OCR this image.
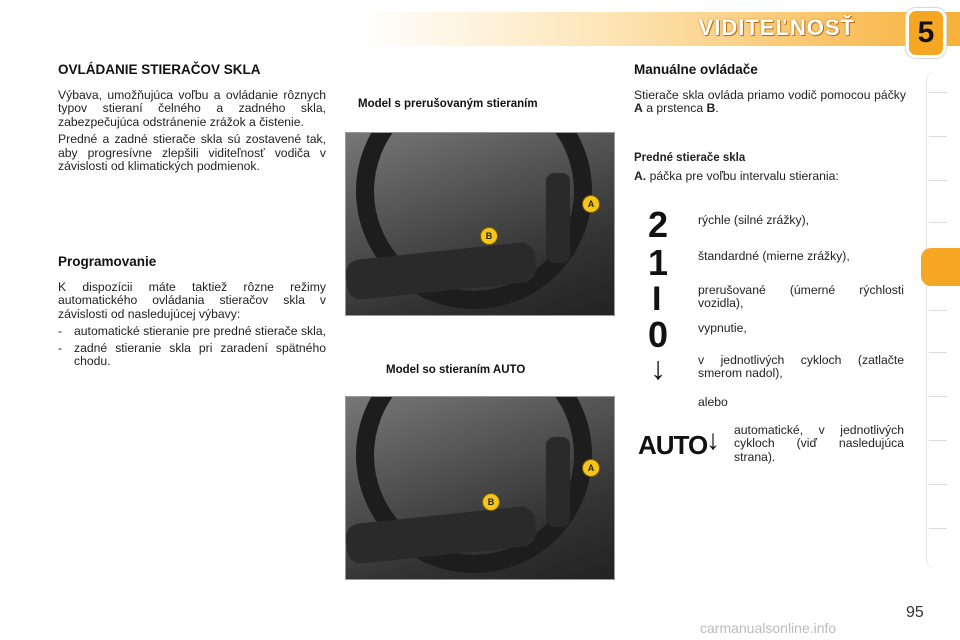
VIDITEĽNOSŤ 5
OVLÁDANIE STIERAČOV SKLA

Výbava, umožňujúca voľbu a ovládanie rôznych typov stieraní čelného a zadného skla, zabezpečujúca odstránenie zrážok a čistenie.

Predné a zadné stierače skla sú zostavené tak, aby progresívne zlepšili viditeľnosť vodiča v závislosti od klimatických podmienok.

Programovanie

K dispozícii máte taktiež rôzne režimy automatického ovládania stieračov skla v závislosti od nasledujúcej výbavy:

- automatické stieranie pre predné stierače skla,
- zadné stieranie skla pri zaradení spätného chodu.
Model s prerušovaným stieraním
A
B
Model so stieraním AUTO
A
B
Manuálne ovládače

Stierače skla ovláda priamo vodič pomocou páčky A a prstenca B.

Predné stierače skla

A. páčka pre voľbu intervalu stierania:

2 rýchle (silné zrážky),
1 štandardné (mierne zrážky),
I	prerušované (úmerné rýchlosti vozidla),
0 vypnutie,
↓	v jednotlivých cykloch (zatlačte smerom nadol),
alebo
AUTO
↓ automatické, v jednotlivých cykloch (viď nasledujúca strana).
95
carmanualsonline.info
